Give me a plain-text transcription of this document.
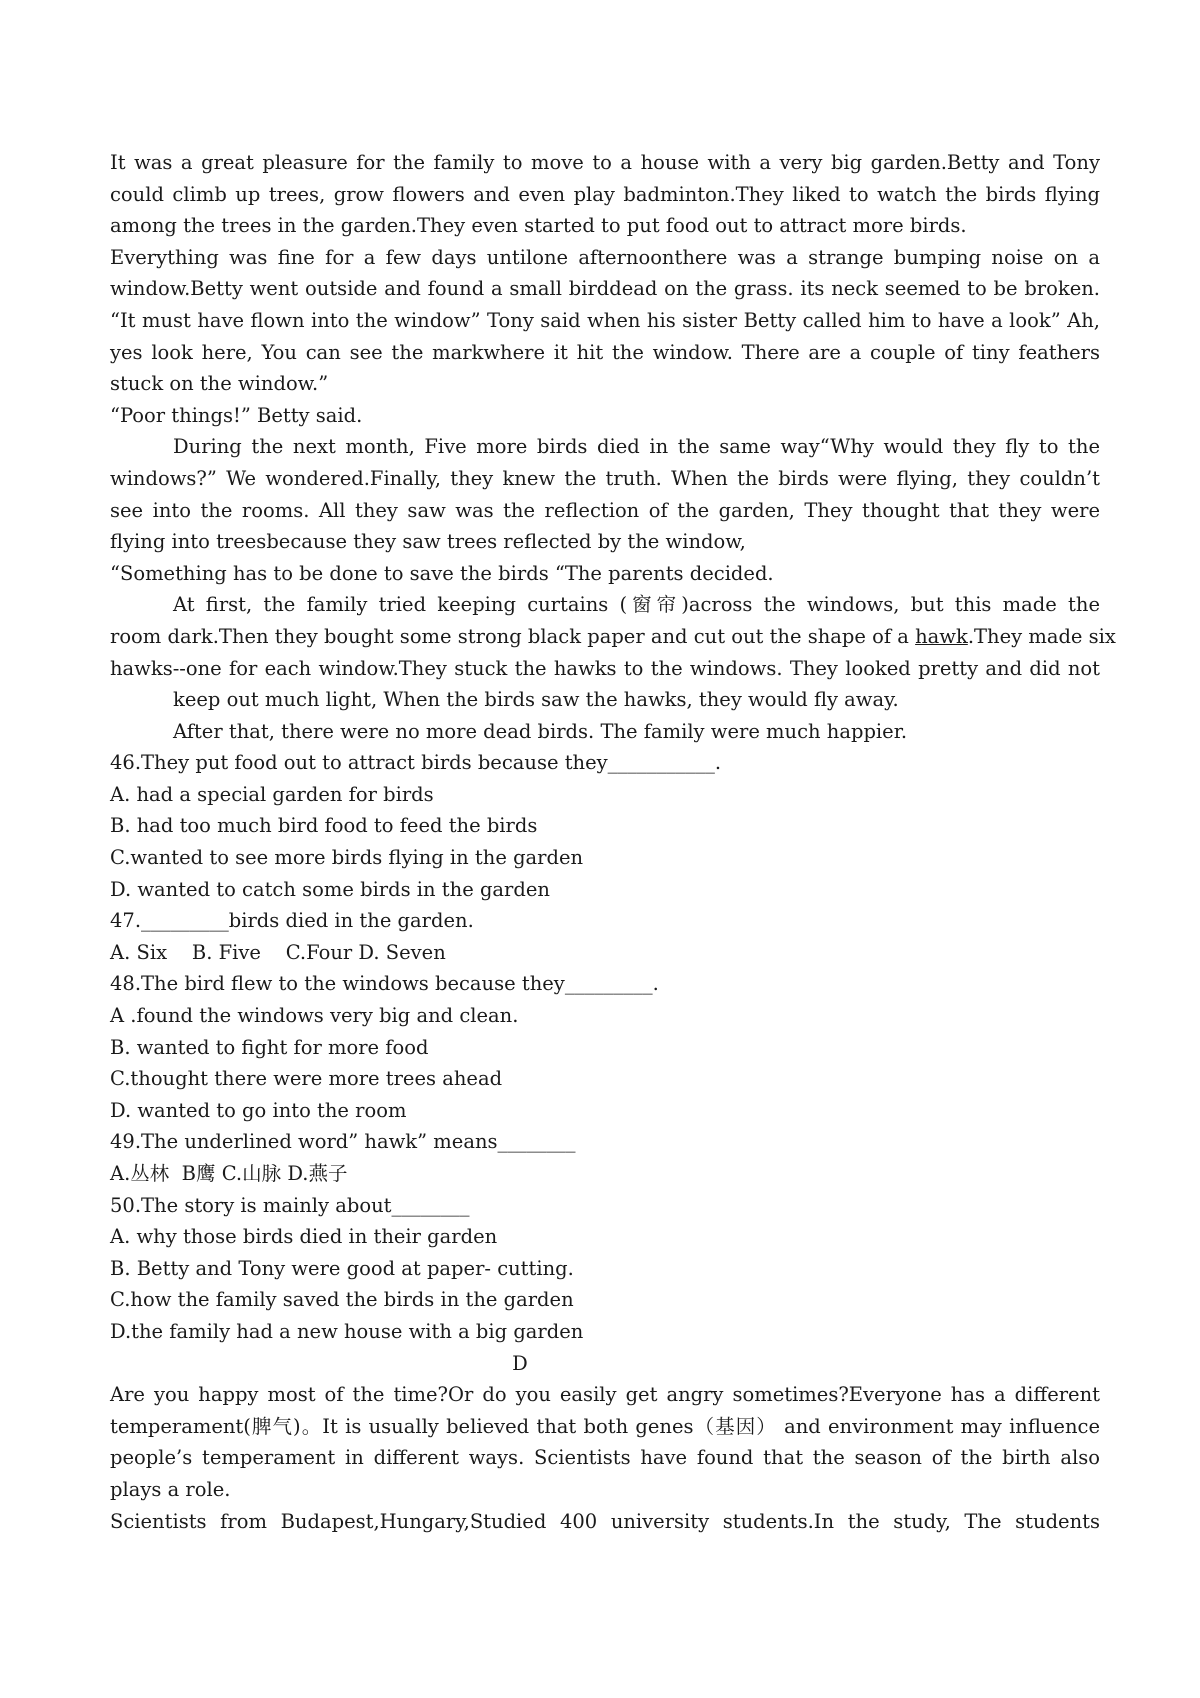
It was a great pleasure for the family to move to a house with a very big garden.Betty and Tony
could climb up trees, grow flowers and even play badminton.They liked to watch the birds flying
among the trees in the garden.They even started to put food out to attract more birds.
Everything was fine for a few days untilone afternoonthere was a strange bumping noise on a
window.Betty went outside and found a small birddead on the grass. its neck seemed to be broken.
“It must have flown into the window” Tony said when his sister Betty called him to have a look” Ah,
yes look here, You can see the markwhere it hit the window. There are a couple of tiny feathers
stuck on the window.”
“Poor things!” Betty said.
During the next month, Five more birds died in the same way“Why would they fly to the
windows?” We wondered.Finally, they knew the truth. When the birds were flying, they couldn’t
see into the rooms. All they saw was the reflection of the garden, They thought that they were
flying into treesbecause they saw trees reflected by the window,
“Something has to be done to save the birds “The parents decided.
At first, the family tried keeping curtains (窗帘)across the windows, but this made the
room dark.Then they bought some strong black paper and cut out the shape of a hawk.They made six
hawks--one for each window.They stuck the hawks to the windows. They looked pretty and did not
keep out much light, When the birds saw the hawks, they would fly away.
After that, there were no more dead birds. The family were much happier.
46.They put food out to attract birds because they___________.
A. had a special garden for birds
B. had too much bird food to feed the birds
C.wanted to see more birds flying in the garden
D. wanted to catch some birds in the garden
47._________birds died in the garden.
A. Six    B. Five    C.Four D. Seven
48.The bird flew to the windows because they_________.
A .found the windows very big and clean.
B. wanted to fight for more food
C.thought there were more trees ahead
D. wanted to go into the room
49.The underlined word” hawk” means________
A.丛林  B鹰 C.山脉 D.燕子
50.The story is mainly about________
A. why those birds died in their garden
B. Betty and Tony were good at paper- cutting.
C.how the family saved the birds in the garden
D.the family had a new house with a big garden
D
Are you happy most of the time?Or do you easily get angry sometimes?Everyone has a different
temperament(脾气)。It is usually believed that both genes（基因） and environment may influence
people’s temperament in different ways. Scientists have found that the season of the birth also
plays a role.
Scientists from Budapest,Hungary,Studied 400 university students.In the study, The students
